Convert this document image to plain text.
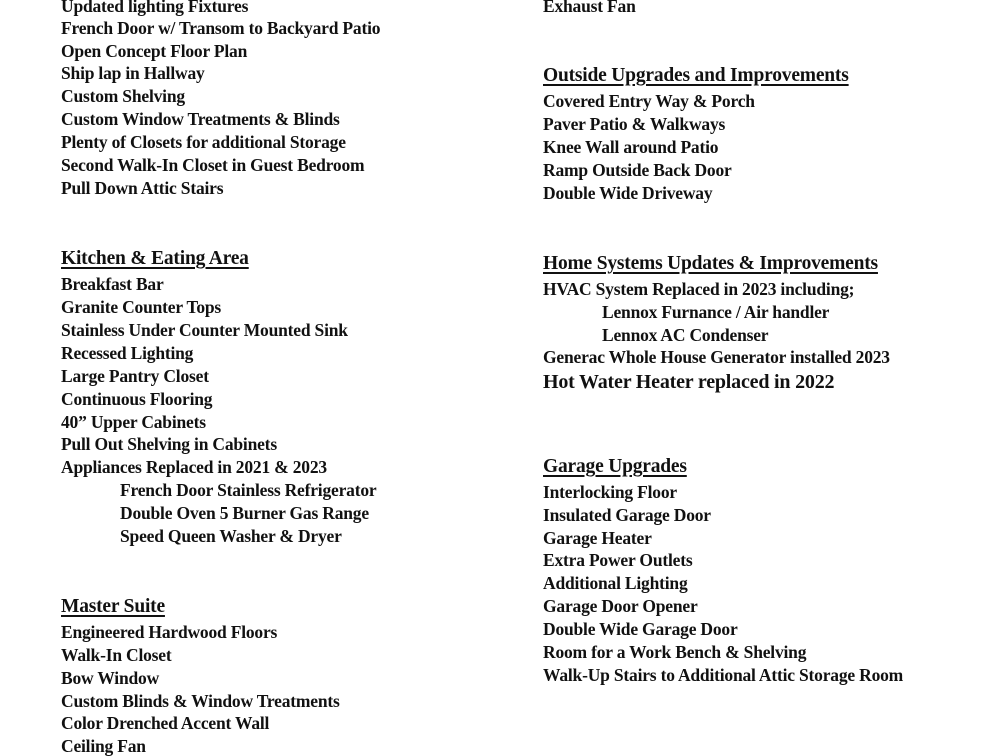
Updated lighting Fixtures
French Door w/ Transom to Backyard Patio
Open Concept Floor Plan
Ship lap in Hallway
Custom Shelving
Custom Window Treatments & Blinds
Plenty of Closets for additional Storage
Second Walk-In Closet in Guest Bedroom
Pull Down Attic Stairs
Kitchen & Eating Area
Breakfast Bar
Granite Counter Tops
Stainless Under Counter Mounted Sink
Recessed Lighting
Large Pantry Closet
Continuous Flooring
40” Upper Cabinets
Pull Out Shelving in Cabinets
Appliances Replaced in 2021 & 2023
French Door Stainless Refrigerator
Double Oven 5 Burner Gas Range
Speed Queen Washer & Dryer
Master Suite
Engineered Hardwood Floors
Walk-In Closet
Bow Window
Custom Blinds & Window Treatments
Color Drenched Accent Wall
Ceiling Fan
Exhaust Fan
Outside Upgrades and Improvements
Covered Entry Way & Porch
Paver Patio & Walkways
Knee Wall around Patio
Ramp Outside Back Door
Double Wide Driveway
Home Systems Updates & Improvements
HVAC System Replaced in 2023 including;
Lennox Furnance / Air handler
Lennox AC Condenser
Generac Whole House Generator installed 2023
Hot Water Heater replaced in 2022
Garage Upgrades
Interlocking Floor
Insulated Garage Door
Garage Heater
Extra Power Outlets
Additional Lighting
Garage Door Opener
Double Wide Garage Door
Room for a Work Bench & Shelving
Walk-Up Stairs to Additional Attic Storage Room
